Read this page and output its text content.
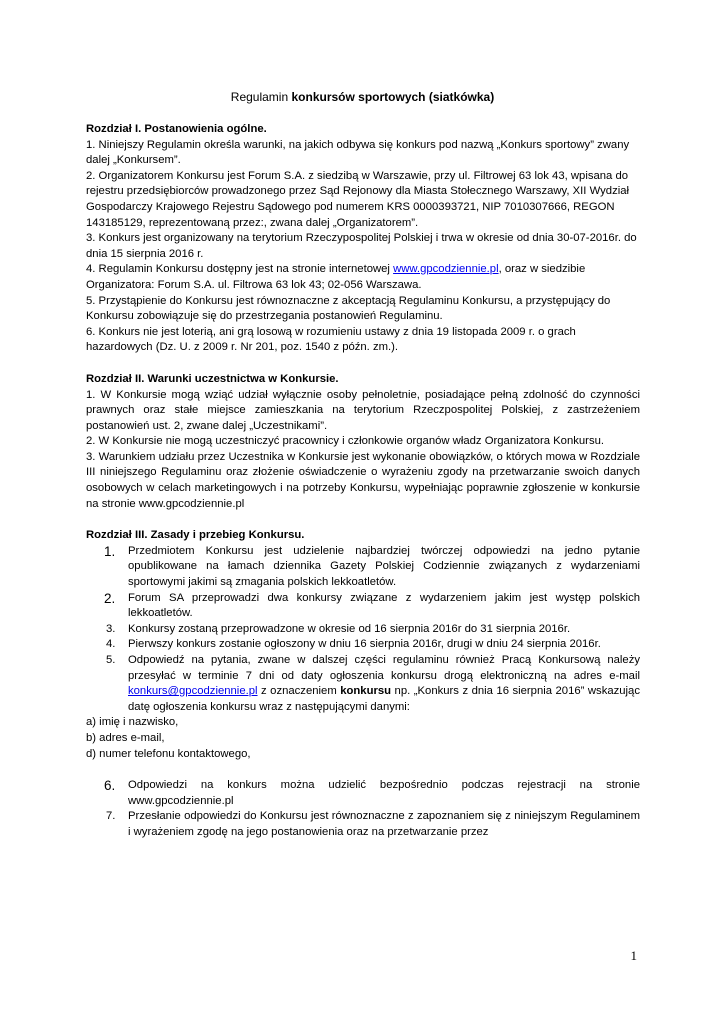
Regulamin konkursów sportowych (siatkówka)

Rozdział I. Postanowienia ogólne.

1. Niniejszy Regulamin określa warunki, na jakich odbywa się konkurs pod nazwą „Konkurs sportowy” zwany dalej „Konkursem”.

2. Organizatorem Konkursu jest Forum S.A. z siedzibą w Warszawie, przy ul. Filtrowej 63 lok 43, wpisana do rejestru przedsiębiorców prowadzonego przez Sąd Rejonowy dla Miasta Stołecznego Warszawy, XII Wydział Gospodarczy Krajowego Rejestru Sądowego pod numerem KRS 0000393721, NIP 7010307666, REGON 143185129, reprezentowaną przez:, zwana dalej „Organizatorem”.

3. Konkurs jest organizowany na terytorium Rzeczypospolitej Polskiej i trwa w okresie od dnia 30-07-2016r. do dnia 15 sierpnia 2016 r.

4. Regulamin Konkursu dostępny jest na stronie internetowej www.gpcodziennie.pl, oraz w siedzibie Organizatora: Forum S.A. ul. Filtrowa 63 lok 43; 02-056 Warszawa.

5. Przystąpienie do Konkursu jest równoznaczne z akceptacją Regulaminu Konkursu, a przystępujący do Konkursu zobowiązuje się do przestrzegania postanowień Regulaminu.

6. Konkurs nie jest loterią, ani grą losową w rozumieniu ustawy z dnia 19 listopada 2009 r. o grach hazardowych (Dz. U. z 2009 r. Nr 201, poz. 1540 z późn. zm.).

Rozdział II. Warunki uczestnictwa w Konkursie.

1. W Konkursie mogą wziąć udział wyłącznie osoby pełnoletnie, posiadające pełną zdolność do czynności prawnych oraz stałe miejsce zamieszkania na terytorium Rzeczpospolitej Polskiej, z zastrzeżeniem postanowień ust. 2, zwane dalej „Uczestnikami”.

2. W Konkursie nie mogą uczestniczyć pracownicy i członkowie organów władz Organizatora Konkursu.

3. Warunkiem udziału przez Uczestnika w Konkursie jest wykonanie obowiązków, o których mowa w Rozdziale III niniejszego Regulaminu oraz złożenie oświadczenie o wyrażeniu zgody na przetwarzanie swoich danych osobowych w celach marketingowych i na potrzeby Konkursu, wypełniając poprawnie zgłoszenie w konkursie na stronie www.gpcodziennie.pl

Rozdział III. Zasady i przebieg Konkursu.

1. Przedmiotem Konkursu jest udzielenie najbardziej twórczej odpowiedzi na jedno pytanie opublikowane na łamach dziennika Gazety Polskiej Codziennie związanych z wydarzeniami sportowymi jakimi są zmagania polskich lekkoatletów.
2. Forum SA przeprowadzi dwa konkursy związane z wydarzeniem jakim jest występ polskich lekkoatletów.
3. Konkursy zostaną przeprowadzone w okresie od 16 sierpnia 2016r do 31 sierpnia 2016r.
4. Pierwszy konkurs zostanie ogłoszony w dniu 16 sierpnia 2016r, drugi w dniu 24 sierpnia 2016r.
5. Odpowiedź na pytania, zwane w dalszej części regulaminu również Pracą Konkursową należy przesyłać w terminie 7 dni od daty ogłoszenia konkursu drogą elektroniczną na adres e-mail konkurs@gpcodziennie.pl z oznaczeniem konkursu np. „Konkurs z dnia 16 sierpnia 2016” wskazując datę ogłoszenia konkursu wraz z następującymi danymi:

a) imię i nazwisko,

b) adres e-mail,

d) numer telefonu kontaktowego,

6. Odpowiedzi na konkurs można udzielić bezpośrednio podczas rejestracji na stronie www.gpcodziennie.pl
7. Przesłanie odpowiedzi do Konkursu jest równoznaczne z zapoznaniem się z niniejszym Regulaminem i wyrażeniem zgodę na jego postanowienia oraz na przetwarzanie przez
1
